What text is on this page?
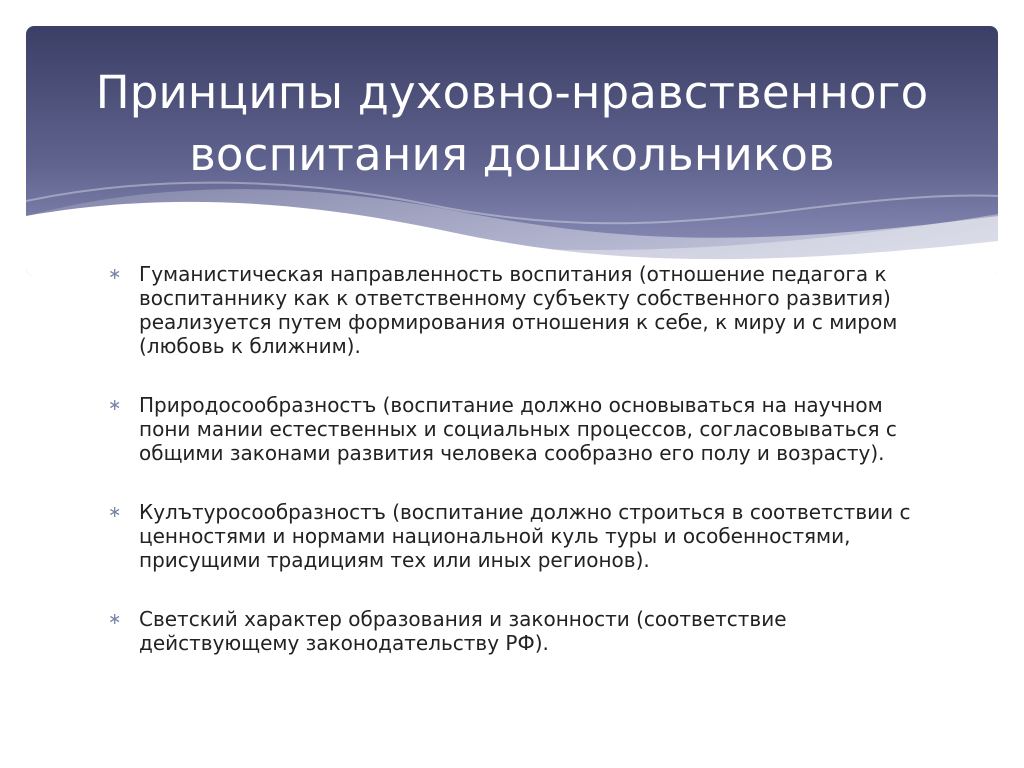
Принципы духовно-нравственного
воспитания дошкольников
∗ Гуманистическая направленность воспитания (отношение педагога к воспитаннику как к ответственному субъекту собственного развития) реализуется путем формирования отношения к себе, к миру и с миром (любовь к ближним).
∗ Природосообразностъ (воспитание должно основываться на научном пони мании естественных и социальных процессов, согласовываться с общими законами развития человека сообразно его полу и возрасту).
∗ Кулътуросообразностъ (воспитание должно строиться в соответствии с ценностями и нормами национальной куль туры и особенностями, присущими традициям тех или иных регионов).
∗ Светский характер образования и законности (соответствие действующему законодательству РФ).
